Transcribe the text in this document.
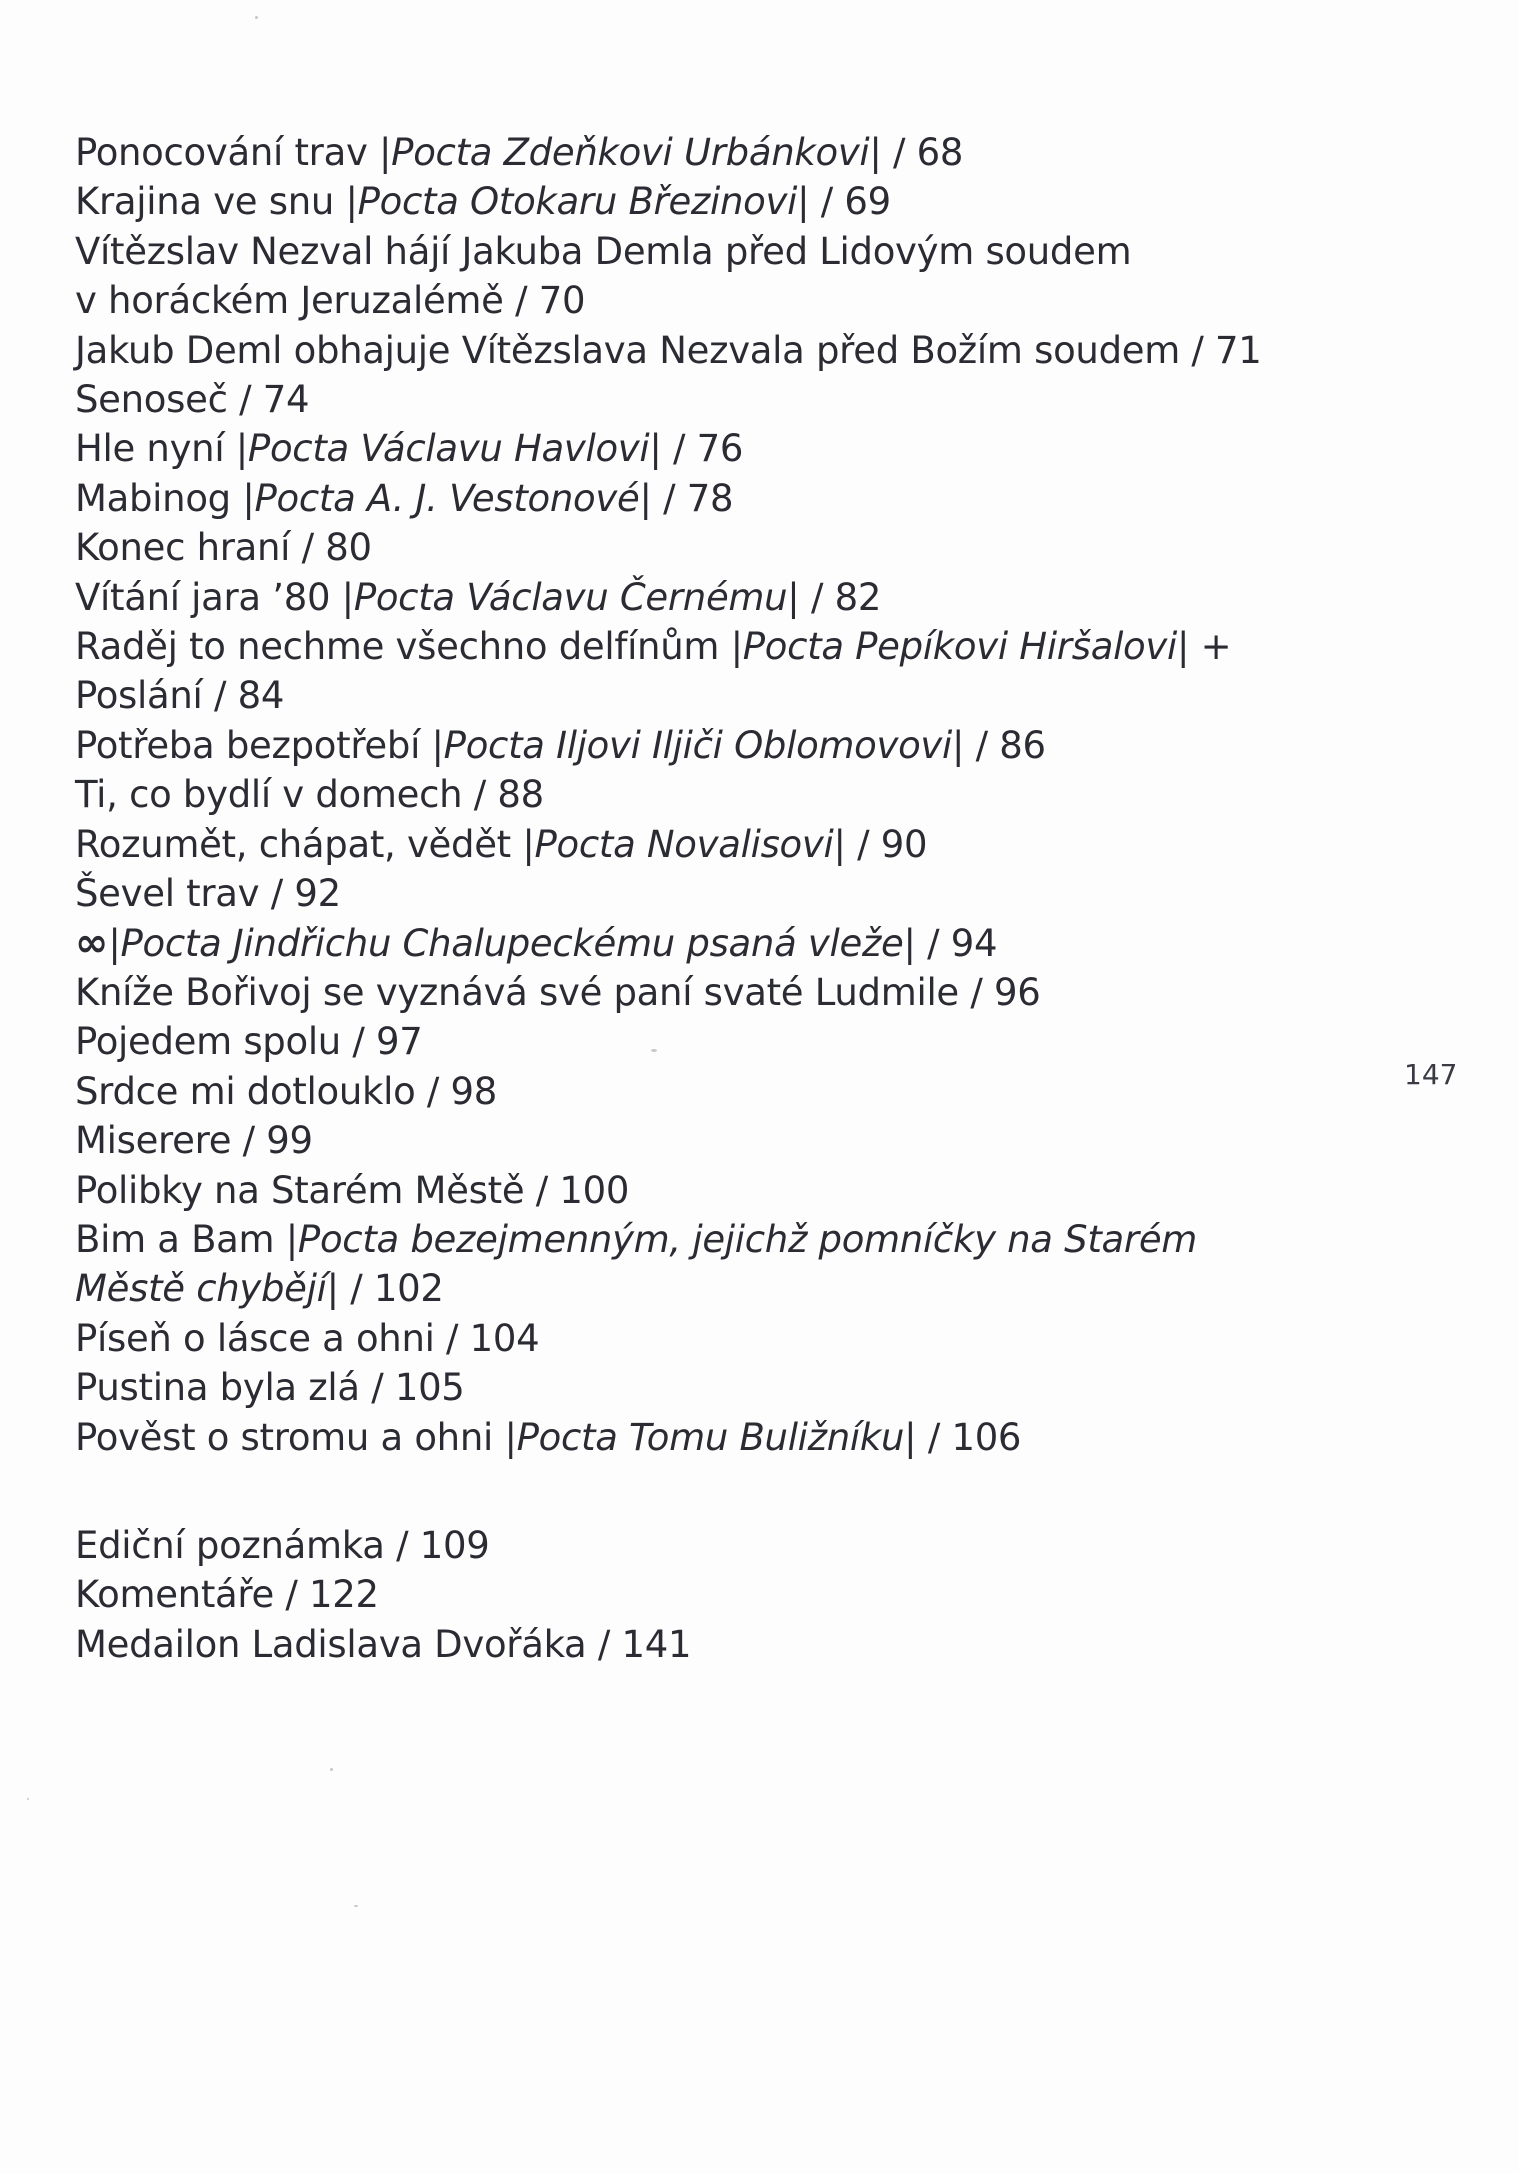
Ponocování trav |Pocta Zdeňkovi Urbánkovi| / 68
Krajina ve snu |Pocta Otokaru Březinovi| / 69
Vítězslav Nezval hájí Jakuba Demla před Lidovým soudem
v horáckém Jeruzalémě / 70
Jakub Deml obhajuje Vítězslava Nezvala před Božím soudem / 71
Senoseč / 74
Hle nyní |Pocta Václavu Havlovi| / 76
Mabinog |Pocta A. J. Vestonové| / 78
Konec hraní / 80
Vítání jara ’80 |Pocta Václavu Černému| / 82
Raděj to nechme všechno delfínům |Pocta Pepíkovi Hiršalovi| +
Poslání / 84
Potřeba bezpotřebí |Pocta Iljovi Iljiči Oblomovovi| / 86
Ti, co bydlí v domech / 88
Rozumět, chápat, vědět |Pocta Novalisovi| / 90
Ševel trav / 92
∞|Pocta Jindřichu Chalupeckému psaná vleže| / 94
Kníže Bořivoj se vyznává své paní svaté Ludmile / 96
Pojedem spolu / 97
Srdce mi dotlouklo / 98
Miserere / 99
Polibky na Starém Městě / 100
Bim a Bam |Pocta bezejmenným, jejichž pomníčky na Starém
Městě chybějí| / 102
Píseň o lásce a ohni / 104
Pustina byla zlá / 105
Pověst o stromu a ohni |Pocta Tomu Buližníku| / 106
Ediční poznámka / 109
Komentáře / 122
Medailon Ladislava Dvořáka / 141
147
